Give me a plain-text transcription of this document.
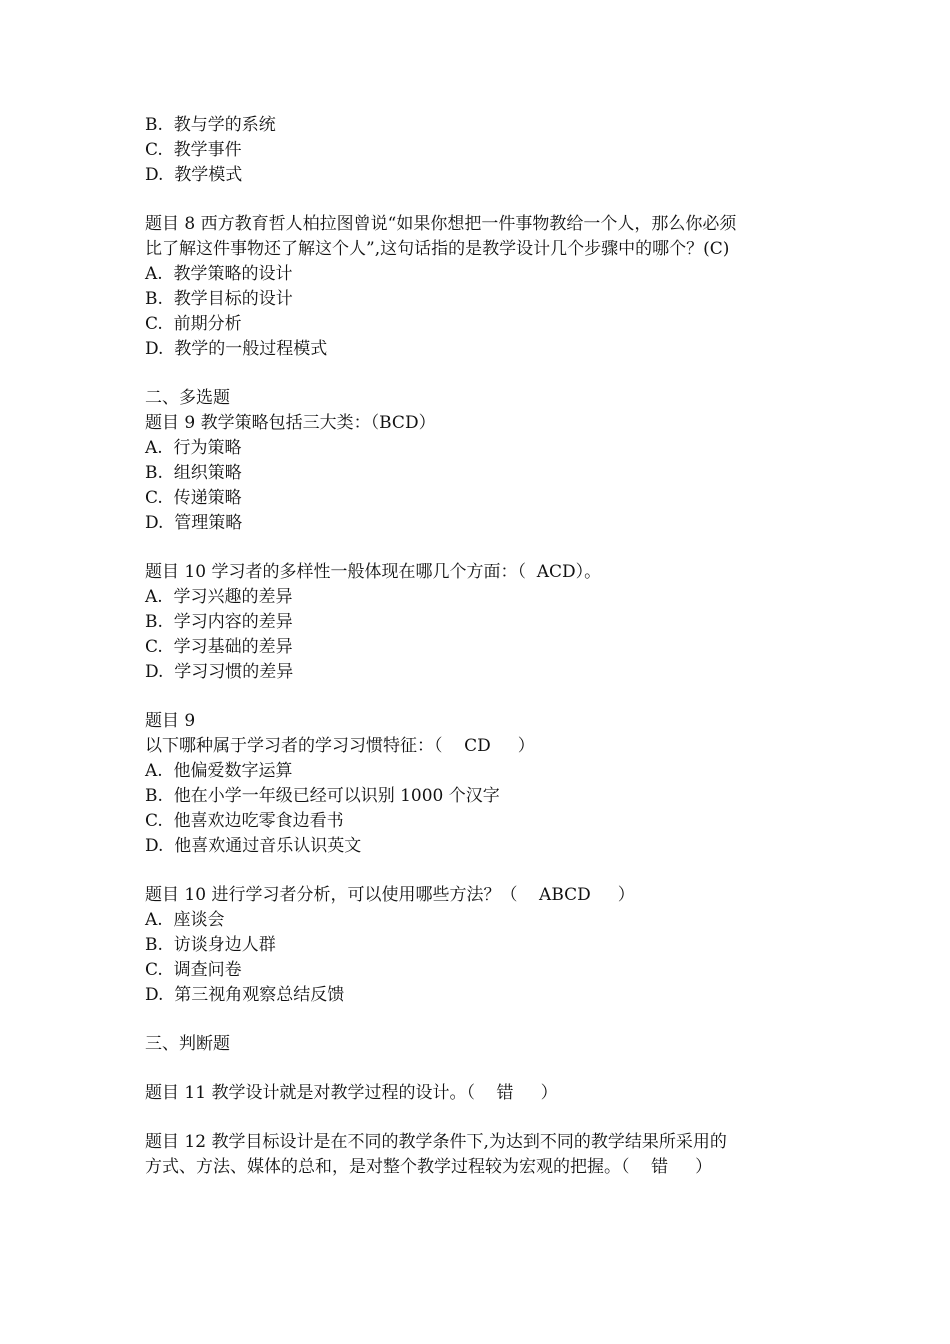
B.  教与学的系统
C.  教学事件
D.  教学模式
题目 8 西方教育哲人柏拉图曾说“如果你想把一件事物教给一个人，那么你必须
比了解这件事物还了解这个人”,这句话指的是教学设计几个步骤中的哪个？(C)
A.  教学策略的设计
B.  教学目标的设计
C.  前期分析
D.  教学的一般过程模式
二、多选题
题目 9 教学策略包括三大类：（BCD）
A.  行为策略
B.  组织策略
C.  传递策略
D.  管理策略
题目 10 学习者的多样性一般体现在哪几个方面：（  ACD）。
A.  学习兴趣的差异
B.  学习内容的差异
C.  学习基础的差异
D.  学习习惯的差异
题目 9
以下哪种属于学习者的学习习惯特征：（    CD     ）
A.  他偏爱数字运算
B.  他在小学一年级已经可以识别 1000 个汉字
C.  他喜欢边吃零食边看书
D.  他喜欢通过音乐认识英文
题目 10 进行学习者分析，可以使用哪些方法？（    ABCD     ）
A.  座谈会
B.  访谈身边人群
C.  调查问卷
D.  第三视角观察总结反馈
三、判断题
题目 11 教学设计就是对教学过程的设计。（    错     ）
题目 12 教学目标设计是在不同的教学条件下,为达到不同的教学结果所采用的
方式、方法、媒体的总和，是对整个教学过程较为宏观的把握。（    错     ）
